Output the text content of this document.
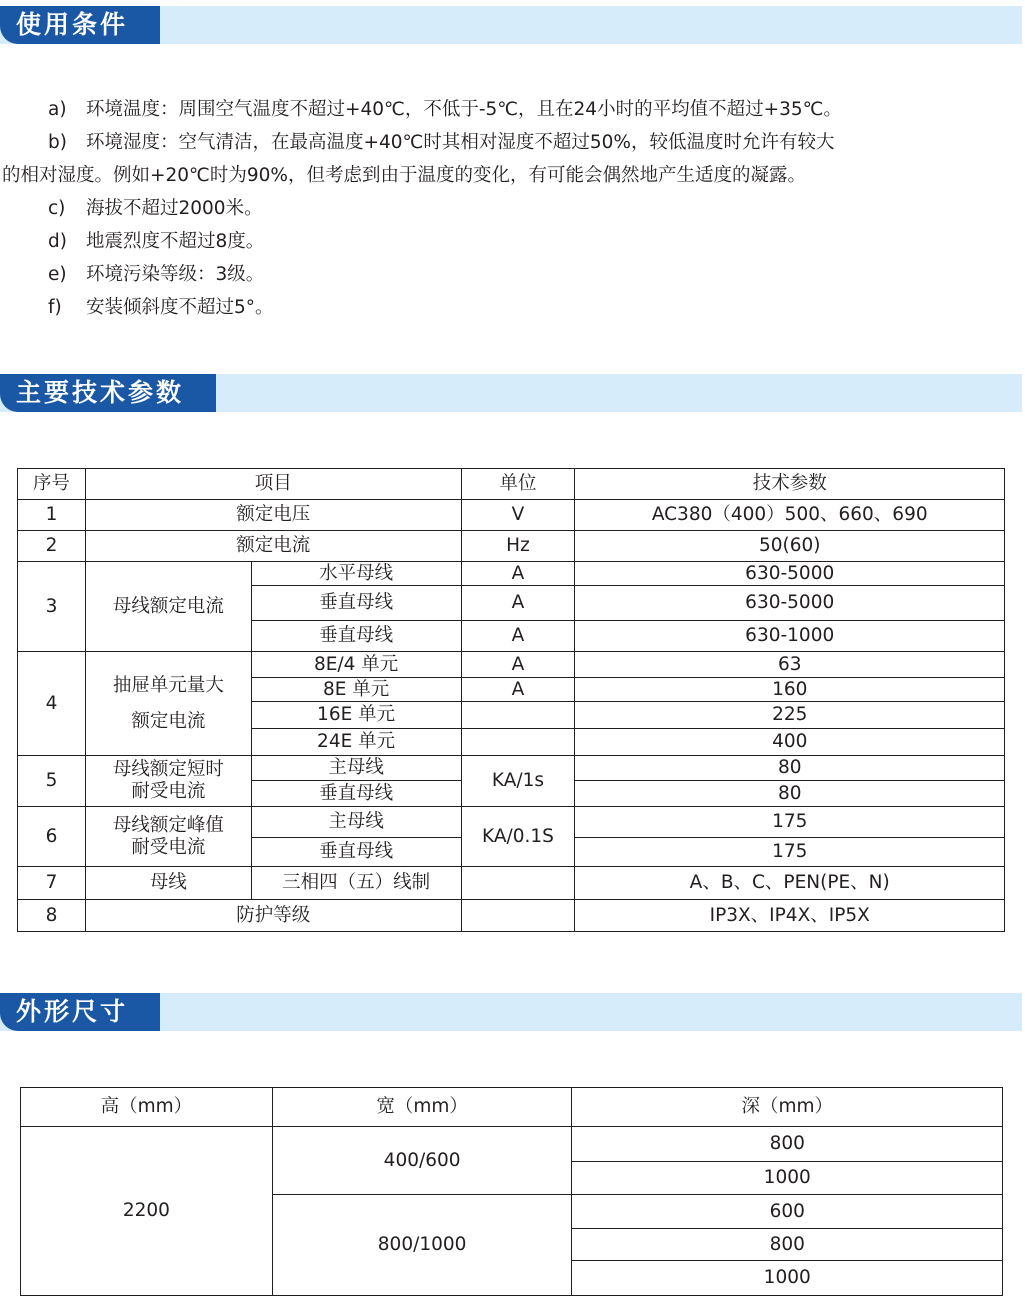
使用条件
a) 环境温度：周围空气温度不超过+40℃，不低于-5℃，且在24小时的平均值不超过+35℃。
b) 环境湿度：空气清洁，在最高温度+40℃时其相对湿度不超过50%，较低温度时允许有较大
的相对湿度。例如+20℃时为90%，但考虑到由于温度的变化，有可能会偶然地产生适度的凝露。
c) 海拔不超过2000米。
d) 地震烈度不超过8度。
e) 环境污染等级：3级。
f) 安装倾斜度不超过5°。
主要技术参数
序号	项目		单位	技术参数
1	额定电压		V	AC380（400）500、660、690
2	额定电流		Hz	50(60)
3	母线额定电流	水平母线	A	630-5000
		垂直母线	A	630-5000
		垂直母线	A	630-1000
4	抽屉单元量大
额定电流	8E/4 单元	A	63
		8E 单元	A	160
		16E 单元		225
		24E 单元		400
5	母线额定短时
耐受电流	主母线	KA/1s	80
		垂直母线		80
6	母线额定峰值
耐受电流	主母线	KA/0.1S	175
		垂直母线		175
7	母线	三相四（五）线制		A、B、C、PEN(PE、N)
8	防护等级			IP3X、IP4X、IP5X
外形尺寸
高（mm）	宽（mm）	深（mm）
2200	400/600	800
		1000
	800/1000	600
		800
		1000
